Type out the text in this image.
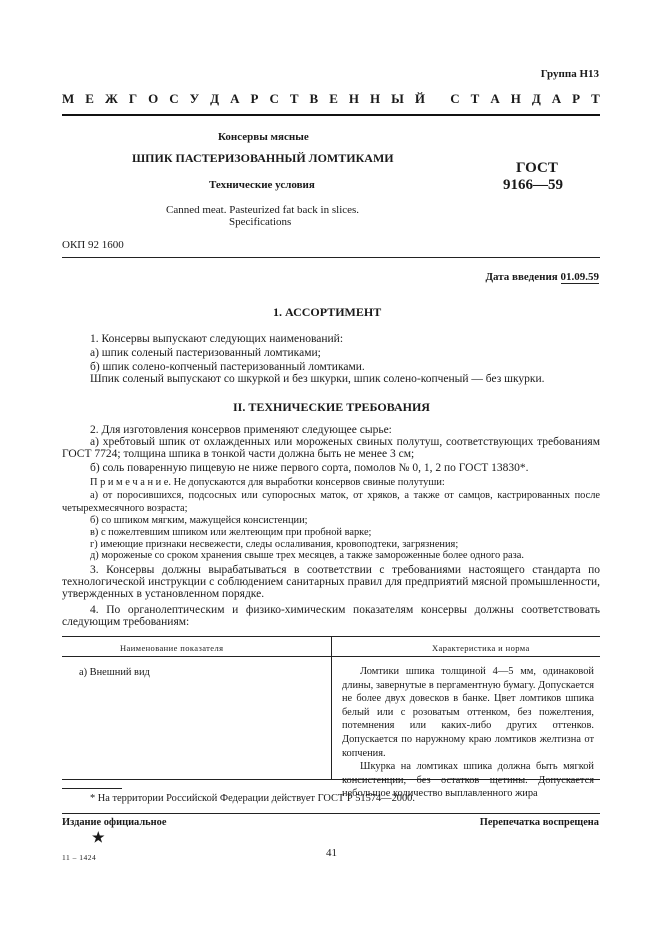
Группа Н13
М Е Ж Г О С У Д А Р С Т В Е Н Н Ы Й
С Т А Н Д А Р Т
Консервы мясные
ШПИК ПАСТЕРИЗОВАННЫЙ ЛОМТИКАМИ
Технические условия
Canned meat. Pasteurized fat back in slices.
Specifications
ГОСТ
9166—59
ОКП 92 1600
Дата введения 01.09.59
1. АССОРТИМЕНТ
1. Консервы выпускают следующих наименований:
а) шпик соленый пастеризованный ломтиками;
б) шпик солено-копченый пастеризованный ломтиками.
Шпик соленый выпускают со шкуркой и без шкурки, шпик солено-копченый — без шкурки.
II. ТЕХНИЧЕСКИЕ ТРЕБОВАНИЯ
2. Для изготовления консервов применяют следующее сырье:
а) хребтовый шпик от охлажденных или мороженых свиных полутуш, соответствующих требованиям ГОСТ 7724; толщина шпика в тонкой части должна быть не менее 3 см;
б) соль поваренную пищевую не ниже первого сорта, помолов № 0, 1, 2 по ГОСТ 13830*.
П р и м е ч а н и е. Не допускаются для выработки консервов свиные полутуши:
а) от поросившихся, подсосных или супоросных маток, от хряков, а также от самцов, кастрированных после четырехмесячного возраста;
б) со шпиком мягким, мажущейся консистенции;
в) с пожелтевшим шпиком или желтеющим при пробной варке;
г) имеющие признаки несвежести, следы ослаливания, кровоподтеки, загрязнения;
д) мороженые со сроком хранения свыше трех месяцев, а также замороженные более одного раза.
3. Консервы должны вырабатываться в соответствии с требованиями настоящего стандарта по технологической инструкции с соблюдением санитарных правил для предприятий мясной промышленности, утвержденных в установленном порядке.
4. По органолептическим и физико-химическим показателям консервы должны соответствовать следующим требованиям:
Наименование показателя	Характеристика и норма
а) Внешний вид	Ломтики шпика толщиной 4—5 мм, одинаковой длины, завернутые в пергаментную бумагу. Допускается не более двух довесков в банке. Цвет ломтиков шпика белый или с розоватым оттенком, без пожелтения, потемнения или каких-либо других оттенков. Допускается по наружному краю ломтиков желтизна от копчения.

Шкурка на ломтиках шпика должна быть мягкой консистенции, без остатков щетины. Допускается небольшое количество выплавленного жира

* На территории Российской Федерации действует ГОСТ Р 51574—2000.
Издание официальное
★
Перепечатка воспрещена
11 – 1424	41
